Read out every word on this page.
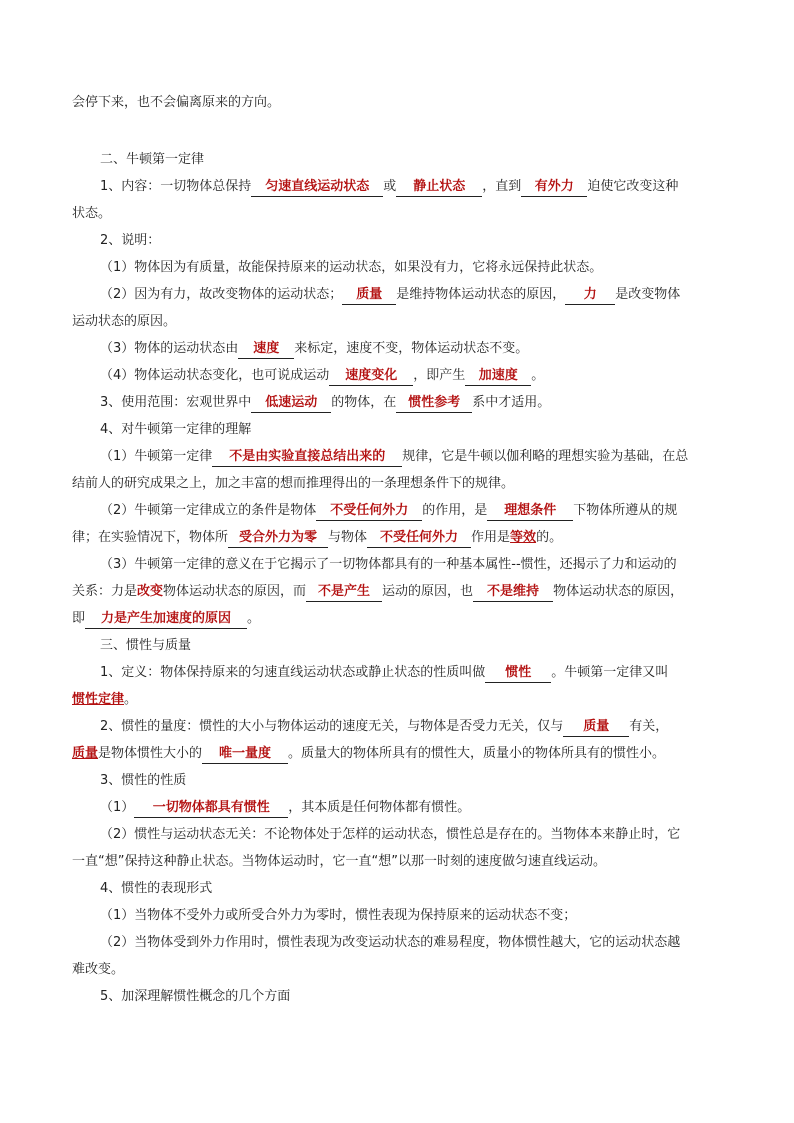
会停下来，也不会偏离原来的方向。
二、牛顿第一定律
1、内容：一切物体总保持 匀速直线运动状态 或 静止状态 ，直到 有外力 迫使它改变这种
状态。
2、说明：
（1）物体因为有质量，故能保持原来的运动状态，如果没有力，它将永远保持此状态。
（2）因为有力，故改变物体的运动状态； 质量 是维持物体运动状态的原因， 力 是改变物体
运动状态的原因。
（3）物体的运动状态由 速度 来标定，速度不变，物体运动状态不变。
（4）物体运动状态变化，也可说成运动 速度变化 ，即产生 加速度 。
3、使用范围：宏观世界中 低速运动 的物体，在 惯性参考 系中才适用。
4、对牛顿第一定律的理解
（1）牛顿第一定律 不是由实验直接总结出来的 规律，它是牛顿以伽利略的理想实验为基础，在总
结前人的研究成果之上，加之丰富的想而推理得出的一条理想条件下的规律。
（2）牛顿第一定律成立的条件是物体 不受任何外力 的作用，是 理想条件 下物体所遵从的规
律；在实验情况下，物体所 受合外力为零 与物体 不受任何外力 作用是等效的。
（3）牛顿第一定律的意义在于它揭示了一切物体都具有的一种基本属性--惯性，还揭示了力和运动的
关系：力是改变物体运动状态的原因，而 不是产生 运动的原因，也 不是维持 物体运动状态的原因，
即 力是产生加速度的原因 。
三、惯性与质量
1、定义：物体保持原来的匀速直线运动状态或静止状态的性质叫做 惯性 。牛顿第一定律又叫
惯性定律。
2、惯性的量度：惯性的大小与物体运动的速度无关，与物体是否受力无关，仅与 质量 有关，
质量是物体惯性大小的 唯一量度 。质量大的物体所具有的惯性大，质量小的物体所具有的惯性小。
3、惯性的性质
（1） 一切物体都具有惯性 ，其本质是任何物体都有惯性。
（2）惯性与运动状态无关：不论物体处于怎样的运动状态，惯性总是存在的。当物体本来静止时，它
一直“想”保持这种静止状态。当物体运动时，它一直“想”以那一时刻的速度做匀速直线运动。
4、惯性的表现形式
（1）当物体不受外力或所受合外力为零时，惯性表现为保持原来的运动状态不变；
（2）当物体受到外力作用时，惯性表现为改变运动状态的难易程度，物体惯性越大，它的运动状态越
难改变。
5、加深理解惯性概念的几个方面
